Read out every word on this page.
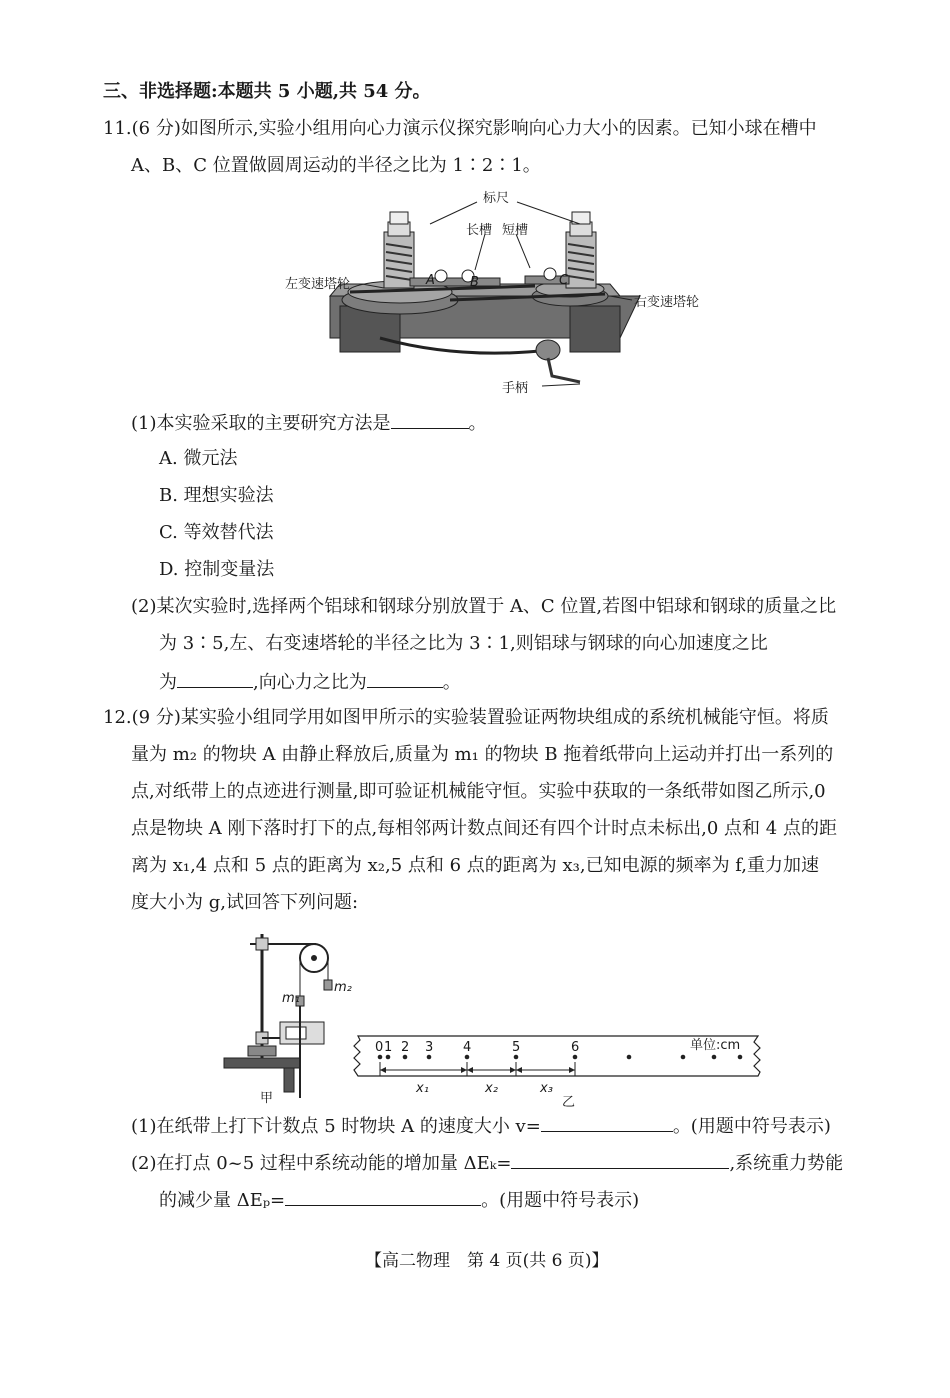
三、非选择题:本题共 5 小题,共 54 分。
11.(6 分)如图所示,实验小组用向心力演示仪探究影响向心力大小的因素。已知小球在槽中
A、B、C 位置做圆周运动的半径之比为 1∶2∶1。
标尺
长槽 短槽
左变速塔轮
右变速塔轮
手柄
A	B	C
(1)本实验采取的主要研究方法是	。
A. 微元法
B. 理想实验法
C. 等效替代法
D. 控制变量法
(2)某次实验时,选择两个铝球和钢球分别放置于 A、C 位置,若图中铝球和钢球的质量之比
为 3∶5,左、右变速塔轮的半径之比为 3∶1,则铝球与钢球的向心加速度之比
为	,向心力之比为	。
12.(9 分)某实验小组同学用如图甲所示的实验装置验证两物块组成的系统机械能守恒。将质
量为 m₂ 的物块 A 由静止释放后,质量为 m₁ 的物块 B 拖着纸带向上运动并打出一系列的
点,对纸带上的点迹进行测量,即可验证机械能守恒。实验中获取的一条纸带如图乙所示,0
点是物块 A 刚下落时打下的点,每相邻两计数点间还有四个计时点未标出,0 点和 4 点的距
离为 x₁,4 点和 5 点的距离为 x₂,5 点和 6 点的距离为 x₃,已知电源的频率为 f,重力加速
度大小为 g,试回答下列问题:
m₁
m₂
甲
0 1 2 3 4	5	6	单位:cm
x₁	x₂	x₃
乙
(1)在纸带上打下计数点 5 时物块 A 的速度大小 v=	。(用题中符号表示)
(2)在打点 0~5 过程中系统动能的增加量 ΔEₖ=	,系统重力势能
的减少量 ΔEₚ=	。(用题中符号表示)
【高二物理　第 4 页(共 6 页)】
